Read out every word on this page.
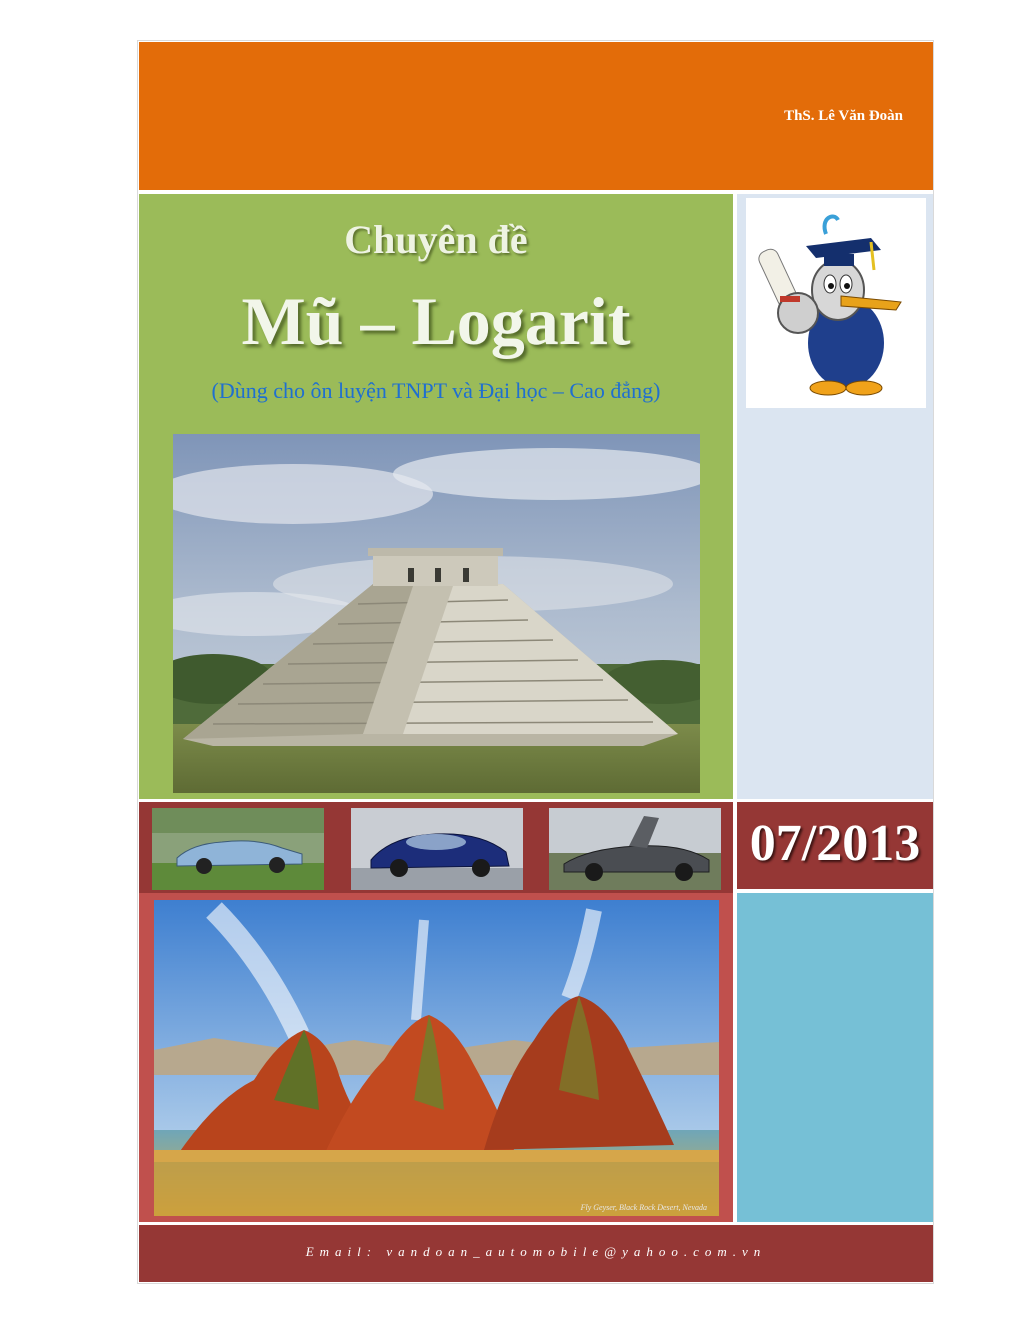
ThS. Lê Văn Đoàn
Chuyên đề
Mũ – Logarit
(Dùng cho ôn luyện TNPT và Đại học – Cao đẳng)
07/2013
Fly Geyser, Black Rock Desert, Nevada
Email: vandoan_automobile@yahoo.com.vn
